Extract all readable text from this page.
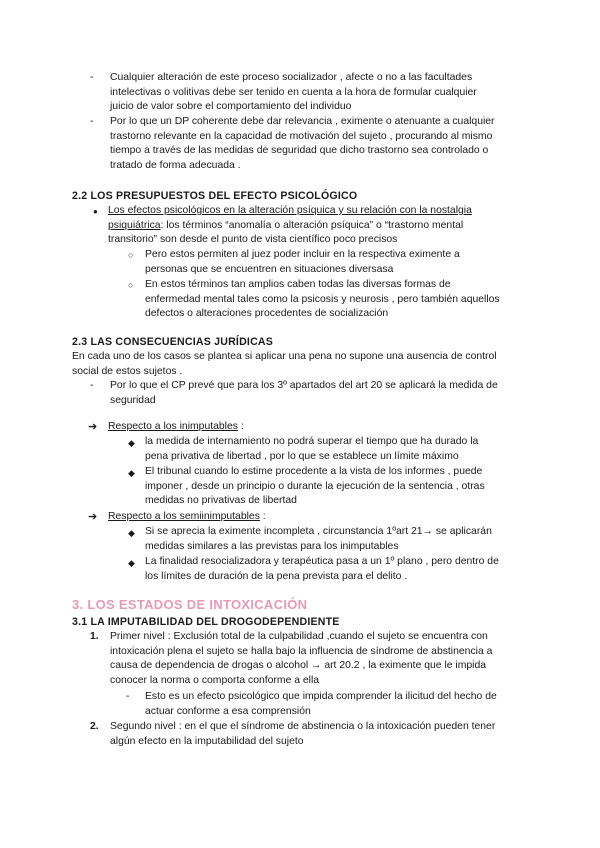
- Cualquier alteración de este proceso socializador , afecte o no a las facultades
intelectivas o volitivas debe ser tenido en cuenta a la hora de formular cualquier
juicio de valor sobre el comportamiento del individuo
- Por lo que un DP coherente debe dar relevancia , eximente o atenuante a cualquier
trastorno relevante en la capacidad de motivación del sujeto , procurando al mismo
tiempo a través de las medidas de seguridad que dicho trastorno sea controlado o
tratado de forma adecuada .
2.2 LOS PRESUPUESTOS DEL EFECTO PSICOLÓGICO
● Los efectos psicológicos en la alteración psíquica y su relación con la nostalgia
psiquiátrica: los términos “anomalía o alteración psíquica” o “trastorno mental
transitorio” son desde el punto de vista científico poco precisos
○ Pero estos permiten al juez poder incluir en la respectiva eximente a
personas que se encuentren en situaciones diversasa
○ En estos términos tan amplios caben todas las diversas formas de
enfermedad mental tales como la psicosis y neurosis , pero también aquellos
defectos o alteraciones procedentes de socialización
2.3 LAS CONSECUENCIAS JURÍDICAS
En cada uno de los casos se plantea si aplicar una pena no supone una ausencia de control
social de estos sujetos .
- Por lo que el CP prevé que para los 3º apartados del art 20 se aplicará la medida de
seguridad
➔ Respecto a los inimputables :
◆ la medida de internamiento no podrá superar el tiempo que ha durado la
pena privativa de libertad , por lo que se establece un límite máximo
◆ El tribunal cuando lo estime procedente a la vista de los informes , puede
imponer , desde un principio o durante la ejecución de la sentencia , otras
medidas no privativas de libertad
➔ Respecto a los semiinimputables :
◆ Si se aprecia la eximente incompleta , circunstancia 1ºart 21→ se aplicarán
medidas similares a las previstas para los inimputables
◆ La finalidad resocializadora y terapéutica pasa a un 1º plano , pero dentro de
los límites de duración de la pena prevista para el delito .
3. LOS ESTADOS DE INTOXICACIÓN
3.1 LA IMPUTABILIDAD DEL DROGODEPENDIENTE
1. Primer nivel : Exclusión total de la culpabilidad ,cuando el sujeto se encuentra con
intoxicación plena el sujeto se halla bajo la influencia de síndrome de abstinencia a
causa de dependencia de drogas o alcohol → art 20.2 , la eximente que le impida
conocer la norma o comporta conforme a ella
- Esto es un efecto psicológico que impida comprender la ilicitud del hecho de
actuar conforme a esa comprensión
2. Segundo nivel : en el que el síndrome de abstinencia o la intoxicación pueden tener
algún efecto en la imputabilidad del sujeto
